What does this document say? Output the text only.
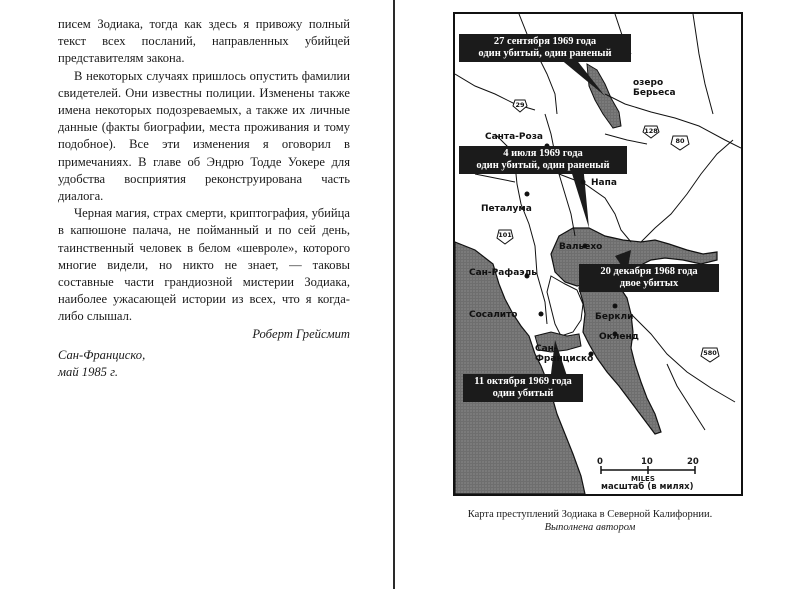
писем Зодиака, тогда как здесь я привожу полный текст всех посланий, направленных убийцей представителям закона.

В некоторых случаях пришлось опустить фамилии свидетелей. Они известны полиции. Изменены также имена некоторых подозреваемых, а также их личные данные (факты биографии, места проживания и тому подобное). Все эти изменения я оговорил в примечаниях. В главе об Эндрю Тодде Уокере для удобства восприятия реконструирована часть диалога.

Черная магия, страх смерти, криптография, убийца в капюшоне палача, не пойманный и по сей день, таинственный человек в белом «шевроле», которого многие видели, но никто не знает, — таковы составные части грандиозной мистерии Зодиака, наиболее ужасающей истории из всех, что я когда-либо слышал.

Роберт Грейсмит

Сан-Франциско,
май 1985 г.

озеро
Берьеса
Санта-Роза
Напа
Петалума
Вальехо
Сан-Рафаэль
Сосалито	Беркли
Окленд
Сан-
Франциско
29
128
80
101
580
27 сентября 1969 года
один убитый, один раненый
4 июля 1969 года
один убитый, один раненый
20 декабря 1968 года
двое убитых
11 октября 1969 года
один убитый
0	10	20
MILES
масштаб (в милях)
Карта преступлений Зодиака в Северной Калифорнии.
Выполнена автором
